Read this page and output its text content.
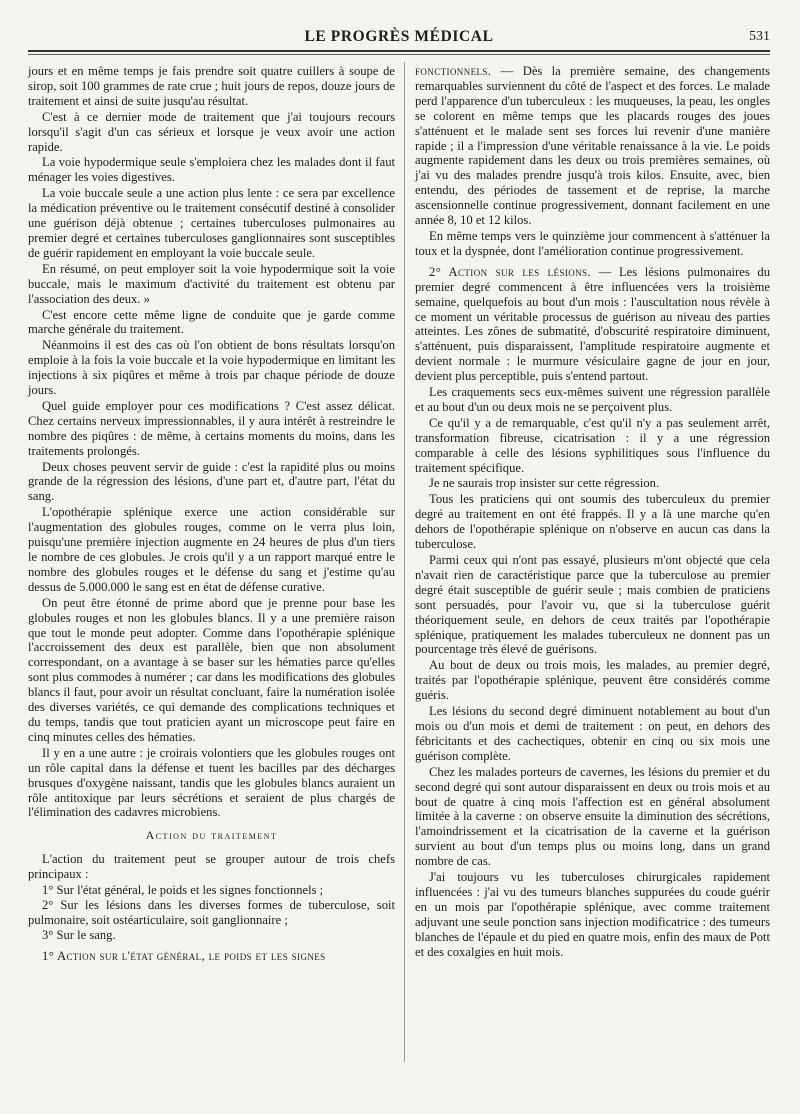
LE PROGRÈS MÉDICAL	531

jours et en même temps je fais prendre soit quatre cuillers à soupe de sirop, soit 100 grammes de rate crue ; huit jours de repos, douze jours de traitement et ainsi de suite jusqu'au résultat.

C'est à ce dernier mode de traitement que j'ai toujours recours lorsqu'il s'agit d'un cas sérieux et lorsque je veux avoir une action rapide.

La voie hypodermique seule s'emploiera chez les malades dont il faut ménager les voies digestives.

La voie buccale seule a une action plus lente : ce sera par excellence la médication préventive ou le traitement consécutif destiné à consolider une guérison déjà obtenue ; certaines tuberculoses pulmonaires au premier degré et certaines tuberculoses ganglionnaires sont susceptibles de guérir rapidement en employant la voie buccale seule.

En résumé, on peut employer soit la voie hypodermique soit la voie buccale, mais le maximum d'activité du traitement est obtenu par l'association des deux. »

C'est encore cette même ligne de conduite que je garde comme marche générale du traitement.

Néanmoins il est des cas où l'on obtient de bons résultats lorsqu'on emploie à la fois la voie buccale et la voie hypodermique en limitant les injections à six piqûres et même à trois par chaque période de douze jours.

Quel guide employer pour ces modifications ? C'est assez délicat. Chez certains nerveux impressionnables, il y aura intérêt à restreindre le nombre des piqûres : de même, à certains moments du moins, dans les traitements prolongés.

Deux choses peuvent servir de guide : c'est la rapidité plus ou moins grande de la régression des lésions, d'une part et, d'autre part, l'état du sang.

L'opothérapie splénique exerce une action considérable sur l'augmentation des globules rouges, comme on le verra plus loin, puisqu'une première injection augmente en 24 heures de plus d'un tiers le nombre de ces globules. Je crois qu'il y a un rapport marqué entre le nombre des globules rouges et le défense du sang et j'estime qu'au dessus de 5.000.000 le sang est en état de défense curative.

On peut être étonné de prime abord que je prenne pour base les globules rouges et non les globules blancs. Il y a une première raison que tout le monde peut adopter. Comme dans l'opothérapie splénique l'accroissement des deux est parallèle, bien que non absolument correspondant, on a avantage à se baser sur les hématies parce qu'elles sont plus commodes à numérer ; car dans les modifications des globules blancs il faut, pour avoir un résultat concluant, faire la numération isolée des diverses variétés, ce qui demande des complications techniques et du temps, tandis que tout praticien ayant un microscope peut faire en cinq minutes celles des hématies.

Il y en a une autre : je croirais volontiers que les globules rouges ont un rôle capital dans la défense et tuent les bacilles par des décharges brusques d'oxygène naissant, tandis que les globules blancs auraient un rôle antitoxique par leurs sécrétions et seraient de plus chargés de l'élimination des cadavres microbiens.

Action du traitement

L'action du traitement peut se grouper autour de trois chefs principaux :

1° Sur l'état général, le poids et les signes fonctionnels ;

2° Sur les lésions dans les diverses formes de tuberculose, soit pulmonaire, soit ostéarticulaire, soit ganglionnaire ;

3° Sur le sang.

1° Action sur l'état général, le poids et les signes

fonctionnels. — Dès la première semaine, des changements remarquables surviennent du côté de l'aspect et des forces. Le malade perd l'apparence d'un tuberculeux : les muqueuses, la peau, les ongles se colorent en même temps que les placards rouges des joues s'atténuent et le malade sent ses forces lui revenir d'une manière rapide ; il a l'impression d'une véritable renaissance à la vie. Le poids augmente rapidement dans les deux ou trois premières semaines, où j'ai vu des malades prendre jusqu'à trois kilos. Ensuite, avec, bien entendu, des périodes de tassement et de reprise, la marche ascensionnelle continue progressivement, donnant facilement en une année 8, 10 et 12 kilos.

En même temps vers le quinzième jour commencent à s'atténuer la toux et la dyspnée, dont l'amélioration continue progressivement.

2° Action sur les lésions. — Les lésions pulmonaires du premier degré commencent à être influencées vers la troisième semaine, quelquefois au bout d'un mois : l'auscultation nous révèle à ce moment un véritable processus de guérison au niveau des parties atteintes. Les zônes de submatité, d'obscurité respiratoire diminuent, s'atténuent, puis disparaissent, l'amplitude respiratoire augmente et devient normale : le murmure vésiculaire gagne de jour en jour, devient plus perceptible, puis s'entend partout.

Les craquements secs eux-mêmes suivent une régression parallèle et au bout d'un ou deux mois ne se perçoivent plus.

Ce qu'il y a de remarquable, c'est qu'il n'y a pas seulement arrêt, transformation fibreuse, cicatrisation : il y a une régression comparable à celle des lésions syphilitiques sous l'influence du traitement spécifique.

Je ne saurais trop insister sur cette régression.

Tous les praticiens qui ont soumis des tuberculeux du premier degré au traitement en ont été frappés. Il y a là une marche qu'en dehors de l'opothérapie splénique on n'observe en aucun cas dans la tuberculose.

Parmi ceux qui n'ont pas essayé, plusieurs m'ont objecté que cela n'avait rien de caractéristique parce que la tuberculose au premier degré était susceptible de guérir seule ; mais combien de praticiens sont persuadés, pour l'avoir vu, que si la tuberculose guérit théoriquement seule, en dehors de ceux traités par l'opothérapie splénique, pratiquement les malades tuberculeux ne donnent pas un pourcentage très élevé de guérisons.

Au bout de deux ou trois mois, les malades, au premier degré, traités par l'opothérapie splénique, peuvent être considérés comme guéris.

Les lésions du second degré diminuent notablement au bout d'un mois ou d'un mois et demi de traitement : on peut, en dehors des fébricitants et des cachectiques, obtenir en cinq ou six mois une guérison complète.

Chez les malades porteurs de cavernes, les lésions du premier et du second degré qui sont autour disparaissent en deux ou trois mois et au bout de quatre à cinq mois l'affection est en général absolument limitée à la caverne : on observe ensuite la diminution des sécrétions, l'amoindrissement et la cicatrisation de la caverne et la guérison survient au bout d'un temps plus ou moins long, dans un grand nombre de cas.

J'ai toujours vu les tuberculoses chirurgicales rapidement influencées : j'ai vu des tumeurs blanches suppurées du coude guérir en un mois par l'opothérapie splénique, avec comme traitement adjuvant une seule ponction sans injection modificatrice : des tumeurs blanches de l'épaule et du pied en quatre mois, enfin des maux de Pott et des coxalgies en huit mois.
